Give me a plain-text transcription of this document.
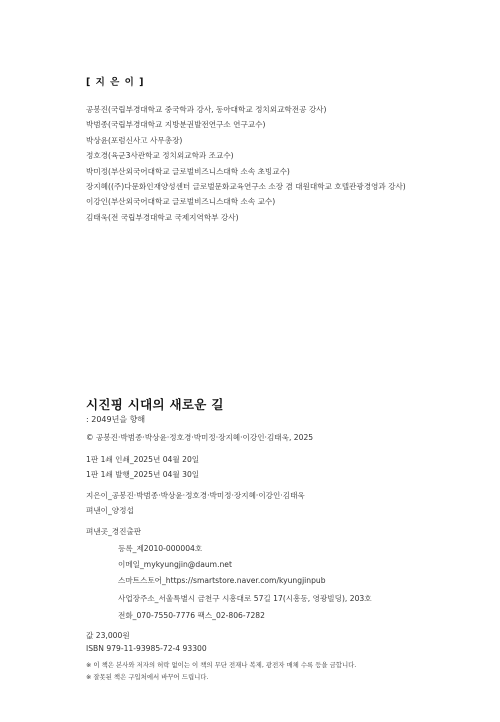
[ 지 은 이 ]
공봉진(국립부경대학교 중국학과 강사, 동아대학교 정치외교학전공 강사)
박범종(국립부경대학교 지방분권발전연구소 연구교수)
박상윤(포럼신사고 사무총장)
정호경(육군3사관학교 정치외교학과 조교수)
박미정(부산외국어대학교 글로벌비즈니스대학 소속 초빙교수)
장지혜((주)다문화인재양성센터 글로벌문화교육연구소 소장 겸 대원대학교 호텔관광경영과 강사)
이강인(부산외국어대학교 글로벌비즈니스대학 소속 교수)
김태욱(전 국립부경대학교 국제지역학부 강사)
시진핑 시대의 새로운 길
: 2049년을 향해
© 공봉진·박범종·박상윤·정호경·박미정·장지혜·이강인·김태욱, 2025
1판 1쇄 인쇄_2025년 04월 20일
1판 1쇄 발행_2025년 04월 30일
지은이_공봉진·박범종·박상윤·정호경·박미정·장지혜·이강인·김태욱
펴낸이_양정섭
펴낸곳_경진출판
등록_제2010-000004호
이메일_mykyungjin@daum.net
스마트스토어_https://smartstore.naver.com/kyungjinpub
사업장주소_서울특별시 금천구 시흥대로 57길 17(시흥동, 영광빌딩), 203호
전화_070-7550-7776 팩스_02-806-7282
값 23,000원
ISBN 979-11-93985-72-4 93300
※ 이 책은 본사와 저자의 허락 없이는 이 책의 무단 전재나 복제, 광전자 매체 수록 등을 금합니다.
※ 잘못된 책은 구입처에서 바꾸어 드립니다.
